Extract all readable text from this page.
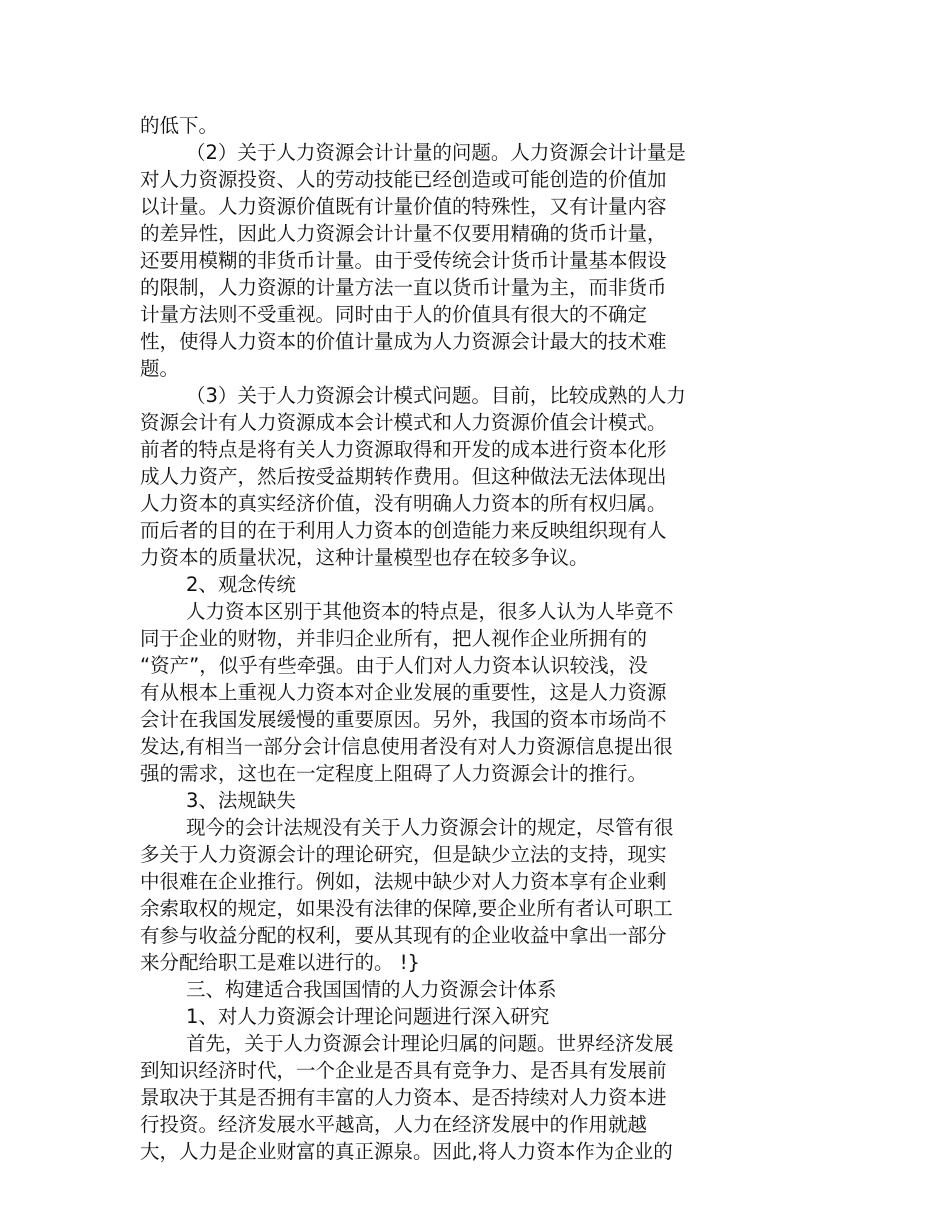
的低下。
（2）关于人力资源会计计量的问题。人力资源会计计量是
对人力资源投资、人的劳动技能已经创造或可能创造的价值加
以计量。人力资源价值既有计量价值的特殊性，又有计量内容
的差异性，因此人力资源会计计量不仅要用精确的货币计量，
还要用模糊的非货币计量。由于受传统会计货币计量基本假设
的限制，人力资源的计量方法一直以货币计量为主，而非货币
计量方法则不受重视。同时由于人的价值具有很大的不确定
性，使得人力资本的价值计量成为人力资源会计最大的技术难
题。
（3）关于人力资源会计模式问题。目前，比较成熟的人力
资源会计有人力资源成本会计模式和人力资源价值会计模式。
前者的特点是将有关人力资源取得和开发的成本进行资本化形
成人力资产，然后按受益期转作费用。但这种做法无法体现出
人力资本的真实经济价值，没有明确人力资本的所有权归属。
而后者的目的在于利用人力资本的创造能力来反映组织现有人
力资本的质量状况，这种计量模型也存在较多争议。
2、观念传统
人力资本区别于其他资本的特点是，很多人认为人毕竟不
同于企业的财物，并非归企业所有，把人视作企业所拥有的
“资产”，似乎有些牵强。由于人们对人力资本认识较浅，没
有从根本上重视人力资本对企业发展的重要性，这是人力资源
会计在我国发展缓慢的重要原因。另外，我国的资本市场尚不
发达,有相当一部分会计信息使用者没有对人力资源信息提出很
强的需求，这也在一定程度上阻碍了人力资源会计的推行。
3、法规缺失
现今的会计法规没有关于人力资源会计的规定，尽管有很
多关于人力资源会计的理论研究，但是缺少立法的支持，现实
中很难在企业推行。例如，法规中缺少对人力资本享有企业剩
余索取权的规定，如果没有法律的保障,要企业所有者认可职工
有参与收益分配的权利，要从其现有的企业收益中拿出一部分
来分配给职工是难以进行的。 !}
三、构建适合我国国情的人力资源会计体系
1、对人力资源会计理论问题进行深入研究
首先，关于人力资源会计理论归属的问题。世界经济发展
到知识经济时代，一个企业是否具有竞争力、是否具有发展前
景取决于其是否拥有丰富的人力资本、是否持续对人力资本进
行投资。经济发展水平越高，人力在经济发展中的作用就越
大，人力是企业财富的真正源泉。因此,将人力资本作为企业的
